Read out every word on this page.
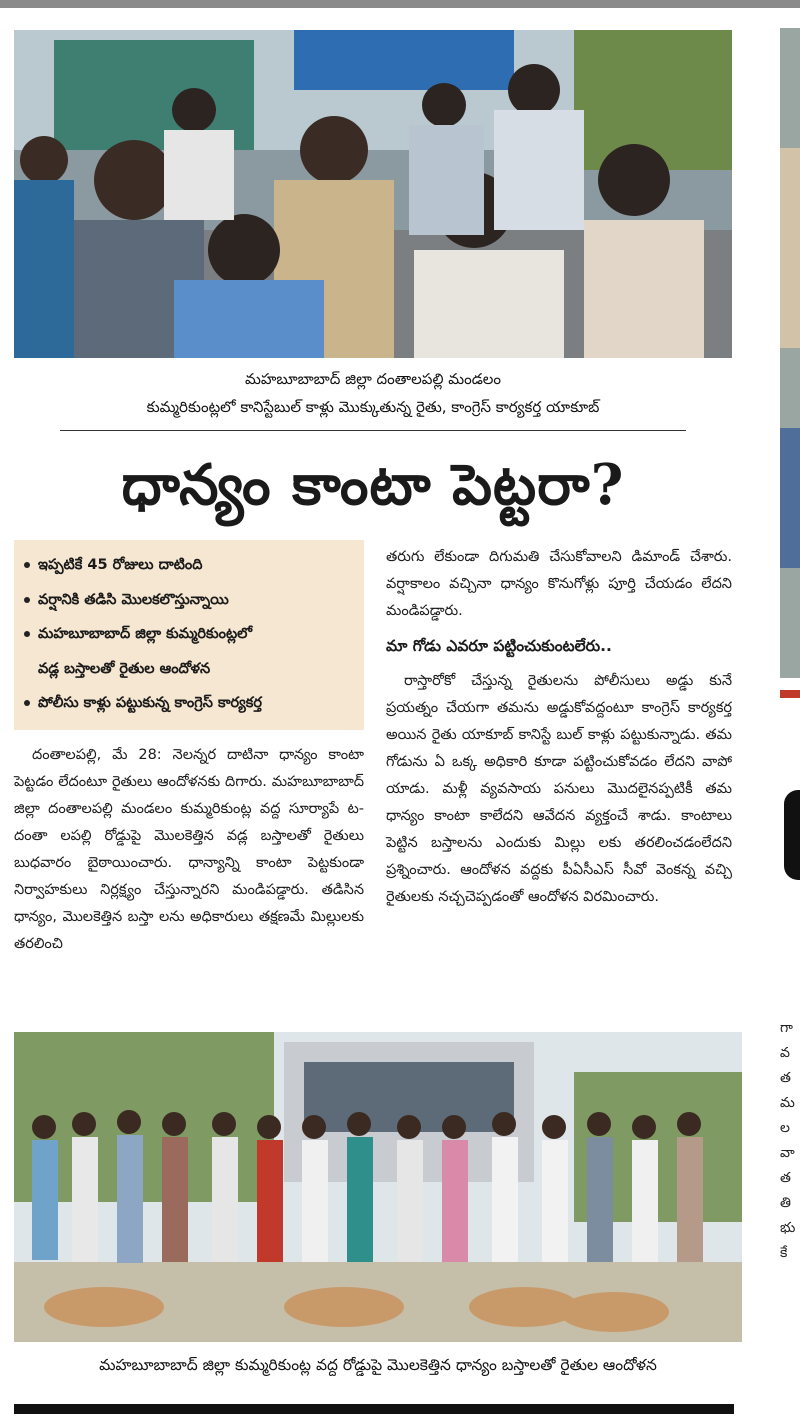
మహబూబాబాద్ జిల్లా దంతాలపల్లి మండలం
కుమ్మరికుంట్లలో కానిస్టేబుల్ కాళ్లు మొక్కుతున్న రైతు, కాంగ్రెస్ కార్యకర్త యాకూబ్
ధాన్యం కాంటా పెట్టరా?
ఇప్పటికే 45 రోజులు దాటింది
వర్షానికి తడిసి మొలకలొస్తున్నాయి
మహబూబాబాద్ జిల్లా కుమ్మరికుంట్లలో
వడ్ల బస్తాలతో రైతుల ఆందోళన
పోలీసు కాళ్లు పట్టుకున్న కాంగ్రెస్ కార్యకర్త

దంతాలపల్లి, మే 28: నెలన్నర దాటినా ధాన్యం కాంటా పెట్టడం లేదంటూ రైతులు ఆందోళనకు దిగారు. మహబూబాబాద్ జిల్లా దంతాలపల్లి మండలం కుమ్మరికుంట్ల వద్ద సూర్యాపే ట-దంతా లపల్లి రోడ్డుపై మొలకెత్తిన వడ్ల బస్తాలతో రైతులు బుధవారం బైఠాయించారు. ధాన్యాన్ని కాంటా పెట్టకుండా నిర్వాహకులు నిర్లక్ష్యం చేస్తున్నారని మండిపడ్డారు. తడిసిన ధాన్యం, మొలకెత్తిన బస్తా లను అధికారులు తక్షణమే మిల్లులకు తరలించి

తరుగు లేకుండా దిగుమతి చేసుకోవాలని డిమాండ్ చేశారు. వర్షాకాలం వచ్చినా ధాన్యం కొనుగోళ్లు పూర్తి చేయడం లేదని మండిపడ్డారు.

మా గోడు ఎవరూ పట్టించుకుంటలేరు..

రాస్తారోకో చేస్తున్న రైతులను పోలీసులు అడ్డు కునే ప్రయత్నం చేయగా తమను అడ్డుకోవద్దంటూ కాంగ్రెస్ కార్యకర్త అయిన రైతు యాకూబ్ కానిస్టే బుల్ కాళ్లు పట్టుకున్నాడు. తమ గోడును ఏ ఒక్క అధికారి కూడా పట్టించుకోవడం లేదని వాపో యాడు. మళ్లీ వ్యవసాయ పనులు మొదలైనప్పటికీ తమ ధాన్యం కాంటా కాలేదని ఆవేదన వ్యక్తంచే శాడు. కాంటాలు పెట్టిన బస్తాలను ఎందుకు మిల్లు లకు తరలించడంలేదని ప్రశ్నించారు. ఆందోళన వద్దకు పీఏసీఎస్ సీవో వెంకన్న వచ్చి రైతులకు నచ్చచెప్పడంతో ఆందోళన విరమించారు.

మహబూబాబాద్ జిల్లా కుమ్మరికుంట్ల వద్ద రోడ్డుపై మొలకెత్తిన ధాన్యం బస్తాలతో రైతుల ఆందోళన
గా
వ
త
మ
ల
వా
త
తి
భు
కే
